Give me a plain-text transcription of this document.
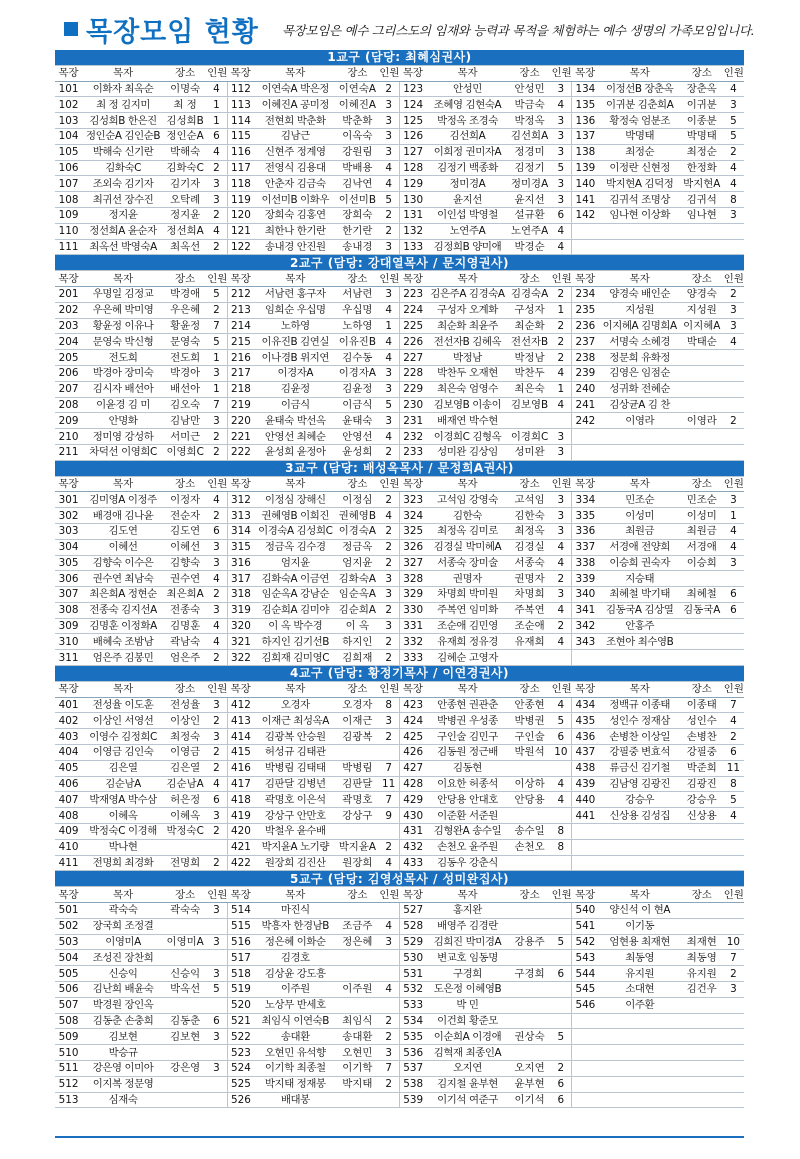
목장모임 현황 목장모임은 예수 그리스도의 임재와 능력과 목적을 체험하는 예수 생명의 가족모임입니다.
1교구 (담당: 최혜심권사)															
목장	목자	장소	인원	목장	목자	장소	인원	목장	목자	장소	인원	목장	목자	장소	인원
101	이화자 최옥순	이명숙	4	112	이연숙A 박은정	이연숙A	2	123	안성민	안성민	3	134	이정선B 장춘옥	장춘옥	4
102	최 정 김지미	최 정	1	113	이혜진A 공미정	이혜진A	3	124	조혜영 김현숙A	박금숙	4	135	이귀분 김춘희A	이귀분	3
103	김성희B 한은진	김성희B	1	114	전현희 박춘화	박춘화	3	125	박정옥 조경숙	박정옥	3	136	황정숙 엄분조	이종분	5
104	정인순A 김인순B	정인순A	6	115	김남근	이옥숙	3	126	김선희A	김선희A	3	137	박명태	박명태	5
105	박해숙 신기란	박해숙	4	116	신현주 정계영	강원림	3	127	이희정 권미자A	정경미	3	138	최정순	최정순	2
106	김화숙C	김화숙C	2	117	전영식 김용대	박배용	4	128	김정기 백종화	김정기	5	139	이정란 신현정	한정화	4
107	조외숙 김기자	김기자	3	118	안춘자 김금숙	김낙연	4	129	정미경A	정미경A	3	140	박지현A 김덕정	박지현A	4
108	최귀선 장수진	오탁례	3	119	이선미B 이화우	이선미B	5	130	윤지선	윤지선	3	141	김귀석 조명상	김귀석	8
109	정지윤	정지윤	2	120	장희숙 김홍연	장희숙	2	131	이인섭 박영철	설규환	6	142	임나현 이상화	임나현	3
110	정선희A 윤순자	정선희A	4	121	최한나 한기란	한기란	2	132	노연주A	노연주A	4				
111	최옥선 박영숙A	최옥선	2	122	송내경 안진원	송내경	3	133	김정희B 양미애	박경순	4				
2교구 (담당: 강대열목사 / 문지영권사)															
목장	목자	장소	인원	목장	목자	장소	인원	목장	목자	장소	인원	목장	목자	장소	인원
201	우명일 김정교	박경애	5	212	서남련 홍구자	서남련	3	223	김은주A 김경숙A	김경숙A	2	234	양경숙 배인순	양경숙	2
202	우은혜 박미영	우은혜	2	213	임희순 우십명	우십명	4	224	구성자 오계화	구성자	1	235	지성원	지성원	3
203	황윤정 이유나	황윤정	7	214	노하영	노하영	1	225	최순화 최윤주	최순화	2	236	이지혜A 김명희A	이지혜A	3
204	문영숙 박신형	문영숙	5	215	이유진B 김연실	이유진B	4	226	전선자B 김혜옥	전선자B	2	237	서명숙 소혜경	박태순	4
205	전도희	전도희	1	216	이나경B 위지연	김수동	4	227	박정남	박정남	2	238	정문희 유화정		
206	박경아 장미숙	박경아	3	217	이경자A	이경자A	3	228	박찬두 오재현	박찬두	4	239	김영은 임점순		
207	김시자 배선아	배선아	1	218	김윤정	김윤정	3	229	최은숙 엄영수	최은숙	1	240	성귀화 전혜순		
208	이윤경 김 미	김오숙	7	219	이금식	이금식	5	230	김보영B 이송이	김보영B	4	241	김상균A 김 찬		
209	안명화	김남만	3	220	윤태숙 박선옥	윤태숙	3	231	배재연 박수현			242	이영라	이영라	2
210	정미영 강성하	서미근	2	221	안영선 최혜순	안영선	4	232	이경희C 김형옥	이경희C	3				
211	차덕선 이영희C	이영희C	2	222	윤성희 윤정아	윤성희	2	233	성미완 김상임	성미완	3				
3교구 (담당: 배성옥목사 / 문정희A권사)															
목장	목자	장소	인원	목장	목자	장소	인원	목장	목자	장소	인원	목장	목자	장소	인원
301	김미영A 이정주	이정자	4	312	이정심 장해신	이정심	2	323	고석임 강영숙	고석임	3	334	민조순	민조순	3
302	배경애 김나윤	전순자	2	313	권혜영B 이희진	권혜영B	4	324	김한숙	김한숙	3	335	이성미	이성미	1
303	김도연	김도연	6	314	이경숙A 김성희C	이경숙A	2	325	최정옥 김미로	최정옥	3	336	최원금	최원금	4
304	이혜선	이혜선	3	315	정금옥 김수경	정금옥	2	326	김경실 박미혜A	김경실	4	337	서경애 전양희	서경애	4
305	김향숙 이수은	김향숙	3	316	엄지윤	엄지윤	2	327	서종숙 장미술	서종숙	4	338	이승희 권숙자	이승희	3
306	권수연 최남숙	권수연	4	317	김화숙A 이금연	김화숙A	3	328	권명자	권명자	2	339	지승태		
307	최은희A 정현순	최은희A	2	318	임순옥A 강남순	임순옥A	3	329	차명희 박미원	차명희	3	340	최혜철 박기태	최혜철	6
308	전종숙 김지선A	전종숙	3	319	김순희A 김미야	김순희A	2	330	주복연 임미화	주복연	4	341	김동국A 김상열	김동국A	6
309	김명훈 이정화A	김명훈	4	320	이 옥 박수경	이 옥	3	331	조순애 김민영	조순애	2	342	안홍주		
310	배혜숙 조밤남	곽남숙	4	321	하지인 김기선B	하지인	2	332	유재희 정유경	유재희	4	343	조현아 최수영B		
311	엄은주 김봉민	엄은주	2	322	김희재 김미영C	김희재	2	333	김혜순 고영자						
4교구 (담당: 황정기목사 / 이연경권사)															
목장	목자	장소	인원	목장	목자	장소	인원	목장	목자	장소	인원	목장	목자	장소	인원
401	전성율 이도훈	전성율	3	412	오경자	오경자	8	423	안종현 권관춘	안종현	4	434	정백규 이종태	이종태	7
402	이상인 서영선	이상인	2	413	이재근 최성옥A	이재근	3	424	박병권 우성종	박병권	5	435	성인수 정재삼	성인수	4
403	이영수 김정희C	최정숙	3	414	김광복 안승원	김광복	2	425	구인술 김민구	구인술	6	436	손병찬 이상일	손병찬	2
404	이영금 김인숙	이영금	2	415	허성규 김태관			426	김동원 정근배	박원석	10	437	강필중 변효석	강필중	6
405	김은열	김은열	2	416	박병림 김태태	박병림	7	427	김동현			438	류금신 김기철	박준희	11
406	김순남A	김순남A	4	417	김판달 김병년	김판달	11	428	이요한 허종석	이상하	4	439	김남영 김광진	김광진	8
407	박재영A 박수삼	허은정	6	418	곽명호 이은석	곽명호	7	429	안당용 안대호	안당용	4	440	강승우	강승우	5
408	이혜옥	이혜옥	3	419	강상구 안만호	강상구	9	430	이준환 서준원			441	신상용 김성집	신상용	4
409	박정숙C 이경해	박정숙C	2	420	박철우 윤수배			431	김형완A 송수일	송수일	8				
410	박나현			421	박지윤A 노기량	박지윤A	2	432	손천오 윤주원	손천오	8				
411	전명희 최경화	전명희	2	422	원장희 김진산	원장희	4	433	김동우 강춘식						
5교구 (담당: 김영성목사 / 성미완집사)															
목장	목자	장소	인원	목장	목자	장소	인원	목장	목자	장소	인원	목장	목자	장소	인원
501	곽숙숙	곽숙숙	3	514	마진식			527	홍지완			540	양신석 이 현A		
502	장국희 조정결			515	박흥자 한경남B	조금주	4	528	배영주 김경란			541	이기동		
503	이영미A	이영미A	3	516	정은혜 이화순	정은혜	3	529	김희진 박미경A	강용주	5	542	엄현용 최재현	최재현	10
504	조성진 장찬희			517	김경호			530	변교호 임동명			543	최동영	최동영	7
505	신승익	신승익	3	518	김상윤 강도흥			531	구경희	구경희	6	544	유지원	유지원	2
506	김난희 배윤숙	박옥선	5	519	이주원	이주원	4	532	도은정 이혜영B			545	소대현	김건우	3
507	박경원 장인옥			520	노상무 반세호			533	박 민			546	이주환		
508	김동춘 손충희	김동춘	6	521	최임식 이연숙B	최임식	2	534	이건희 황준모						
509	김보현	김보현	3	522	송대환	송대환	2	535	이순희A 이경애	권상숙	5				
510	박승규			523	오현민 유석향	오현민	3	536	김혁재 최종인A						
511	강은영 이미아	강은영	3	524	이기학 최종철	이기학	7	537	오지연	오지연	2				
512	이지복 정문영			525	박지태 정재봉	박지태	2	538	김지철 윤부현	윤부현	6				
513	심재숙			526	배대봉			539	이기석 여준구	이기석	6				
